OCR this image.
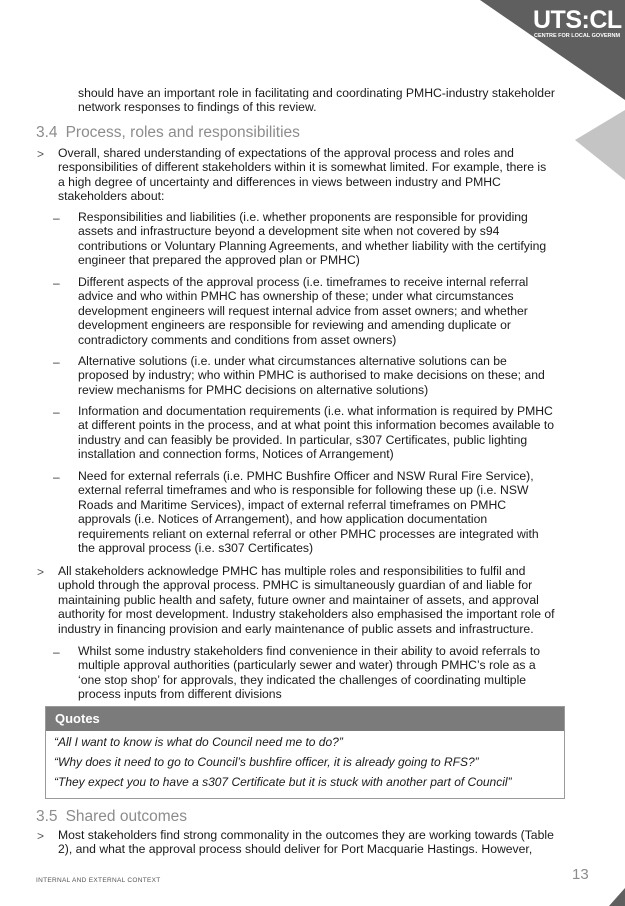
UTS:CL
CENTRE FOR LOCAL GOVERNM
should have an important role in facilitating and coordinating PMHC-industry stakeholder
network responses to findings of this review.
3.4 Process, roles and responsibilities
> Overall, shared understanding of expectations of the approval process and roles and
responsibilities of different stakeholders within it is somewhat limited. For example, there is
a high degree of uncertainty and differences in views between industry and PMHC
stakeholders about:
– Responsibilities and liabilities (i.e. whether proponents are responsible for providing
assets and infrastructure beyond a development site when not covered by s94
contributions or Voluntary Planning Agreements, and whether liability with the certifying
engineer that prepared the approved plan or PMHC)
– Different aspects of the approval process (i.e. timeframes to receive internal referral
advice and who within PMHC has ownership of these; under what circumstances
development engineers will request internal advice from asset owners; and whether
development engineers are responsible for reviewing and amending duplicate or
contradictory comments and conditions from asset owners)
– Alternative solutions (i.e. under what circumstances alternative solutions can be
proposed by industry; who within PMHC is authorised to make decisions on these; and
review mechanisms for PMHC decisions on alternative solutions)
– Information and documentation requirements (i.e. what information is required by PMHC
at different points in the process, and at what point this information becomes available to
industry and can feasibly be provided. In particular, s307 Certificates, public lighting
installation and connection forms, Notices of Arrangement)
– Need for external referrals (i.e. PMHC Bushfire Officer and NSW Rural Fire Service),
external referral timeframes and who is responsible for following these up (i.e. NSW
Roads and Maritime Services), impact of external referral timeframes on PMHC
approvals (i.e. Notices of Arrangement), and how application documentation
requirements reliant on external referral or other PMHC processes are integrated with
the approval process (i.e. s307 Certificates)
> All stakeholders acknowledge PMHC has multiple roles and responsibilities to fulfil and
uphold through the approval process. PMHC is simultaneously guardian of and liable for
maintaining public health and safety, future owner and maintainer of assets, and approval
authority for most development. Industry stakeholders also emphasised the important role of
industry in financing provision and early maintenance of public assets and infrastructure.
– Whilst some industry stakeholders find convenience in their ability to avoid referrals to
multiple approval authorities (particularly sewer and water) through PMHC’s role as a
‘one stop shop’ for approvals, they indicated the challenges of coordinating multiple
process inputs from different divisions
Quotes
“All I want to know is what do Council need me to do?”
“Why does it need to go to Council’s bushfire officer, it is already going to RFS?”
“They expect you to have a s307 Certificate but it is stuck with another part of Council”
3.5 Shared outcomes
> Most stakeholders find strong commonality in the outcomes they are working towards (Table
2), and what the approval process should deliver for Port Macquarie Hastings. However,
INTERNAL AND EXTERNAL CONTEXT	13
